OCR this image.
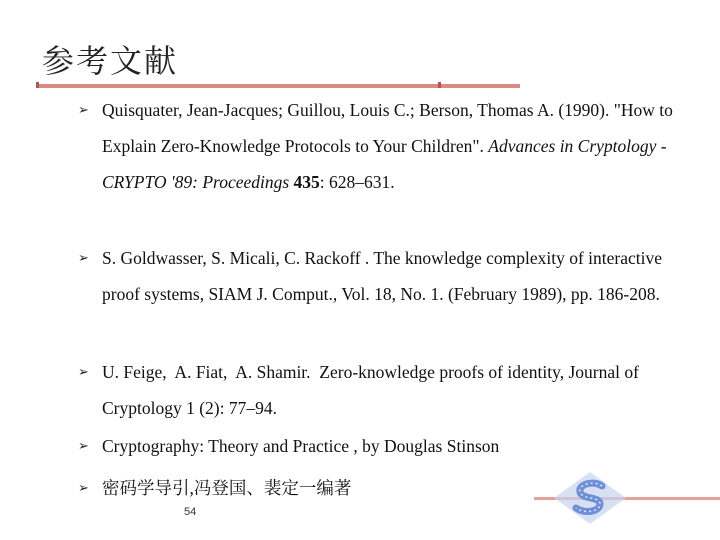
参考文献
➢ Quisquater, Jean-Jacques; Guillou, Louis C.; Berson, Thomas A. (1990). "How to Explain Zero-Knowledge Protocols to Your Children". Advances in Cryptology - CRYPTO '89: Proceedings 435: 628–631.
➢ S. Goldwasser, S. Micali, C. Rackoff . The knowledge complexity of interactive proof systems, SIAM J. Comput., Vol. 18, No. 1. (February 1989), pp. 186-208.
➢ U. Feige,  A. Fiat,  A. Shamir.  Zero-knowledge proofs of identity, Journal of Cryptology 1 (2): 77–94.
➢ Cryptography: Theory and Practice , by Douglas Stinson
➢ 密码学导引,冯登国、裴定一编著
54
